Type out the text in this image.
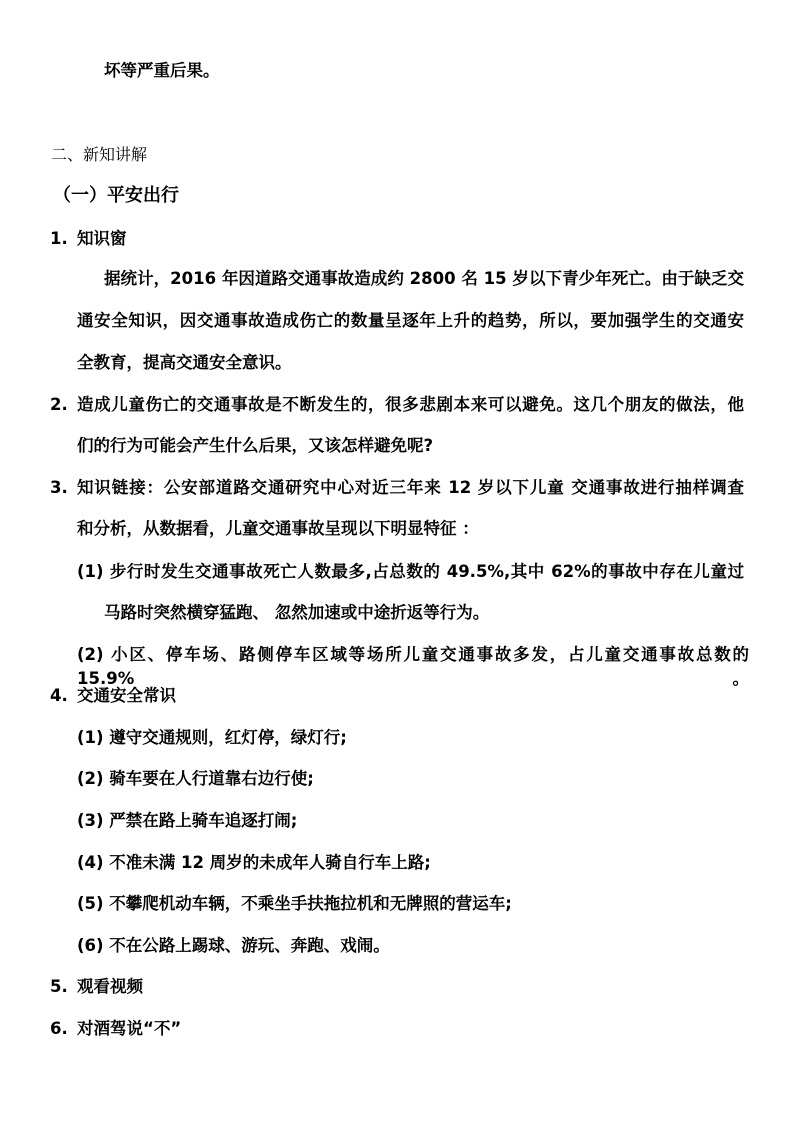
坏等严重后果。
二、新知讲解
（一）平安出行
1. 知识窗
据统计，2016 年因道路交通事故造成约 2800 名 15 岁以下青少年死亡。由于缺乏交
通安全知识，因交通事故造成伤亡的数量呈逐年上升的趋势，所以，要加强学生的交通安
全教育，提高交通安全意识。
2. 造成儿童伤亡的交通事故是不断发生的，很多悲剧本来可以避免。这几个朋友的做法，他
们的行为可能会产生什么后果，又该怎样避免呢?
3. 知识链接：公安部道路交通研究中心对近三年来 12 岁以下儿童 交通事故进行抽样调查
和分析，从数据看，儿童交通事故呈现以下明显特征 ：
(1) 步行时发生交通事故死亡人数最多,占总数的 49.5%,其中 62%的事故中存在儿童过
马路时突然横穿猛跑、 忽然加速或中途折返等行为。
(2) 小区、停车场、路侧停车区域等场所儿童交通事故多发，占儿童交通事故总数的 15.9%。
4. 交通安全常识
(1) 遵守交通规则，红灯停，绿灯行;
(2) 骑车要在人行道靠右边行使;
(3) 严禁在路上骑车追逐打闹;
(4) 不准未满 12 周岁的未成年人骑自行车上路;
(5) 不攀爬机动车辆，不乘坐手扶拖拉机和无牌照的营运车;
(6) 不在公路上踢球、游玩、奔跑、戏闹。
5. 观看视频
6. 对酒驾说“不”
